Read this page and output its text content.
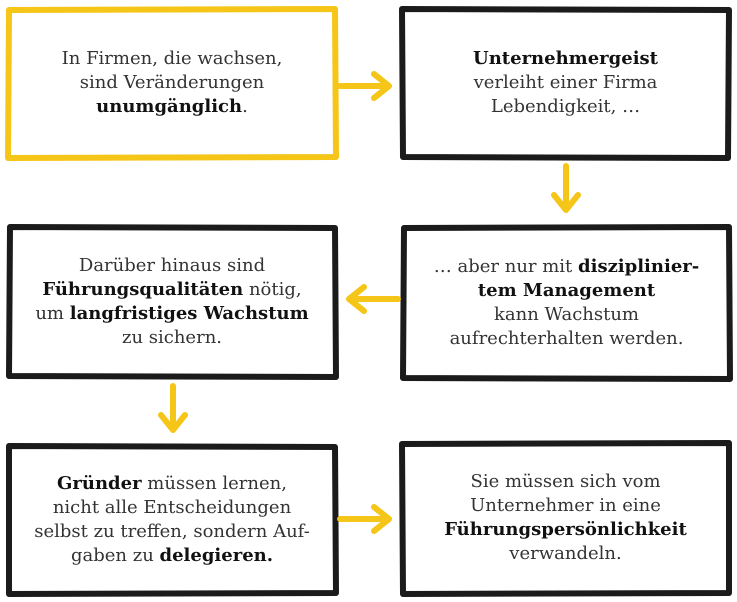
In Firmen, die wachsen,
sind Veränderungen
unumgänglich.
Unternehmergeist
verleiht einer Firma
Lebendigkeit, …
… aber nur mit disziplinier-
tem Management
kann Wachstum
aufrechterhalten werden.
Darüber hinaus sind
Führungsqualitäten nötig,
um langfristiges Wachstum
zu sichern.
Gründer müssen lernen,
nicht alle Entscheidungen
selbst zu treffen, sondern Auf-
gaben zu delegieren.
Sie müssen sich vom
Unternehmer in eine
Führungspersönlichkeit
verwandeln.
